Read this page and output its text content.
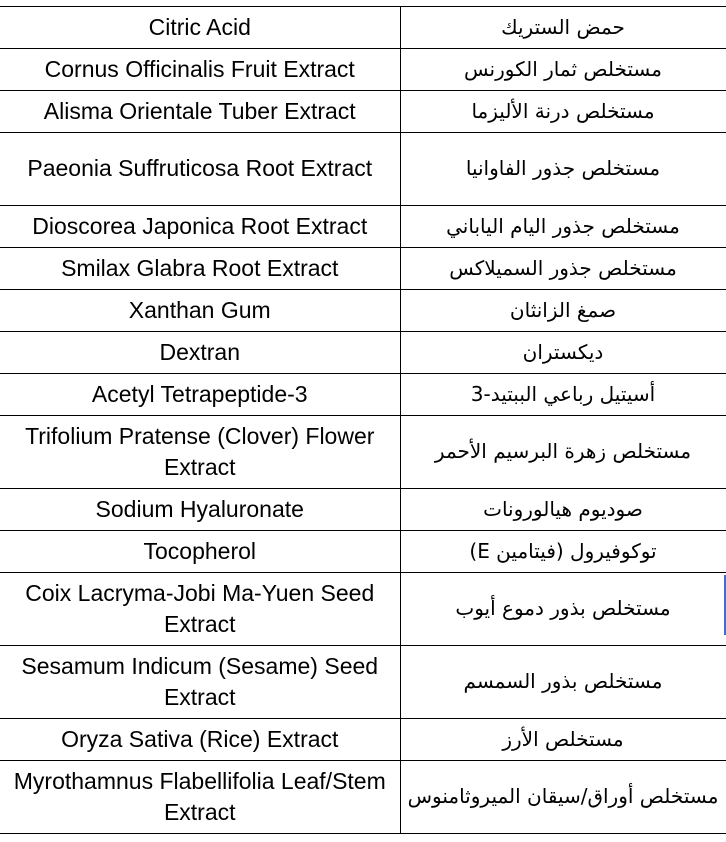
Citric Acid	حمض الستريك
Cornus Officinalis Fruit Extract	مستخلص ثمار الكورنس
Alisma Orientale Tuber Extract	مستخلص درنة الأليزما
Paeonia Suffruticosa Root Extract	مستخلص جذور الفاوانيا
Dioscorea Japonica Root Extract	مستخلص جذور اليام الياباني
Smilax Glabra Root Extract	مستخلص جذور السميلاكس
Xanthan Gum	صمغ الزانثان
Dextran	ديكستران
Acetyl Tetrapeptide-3	أسيتيل رباعي الببتيد-3
Trifolium Pratense (Clover) Flower Extract	مستخلص زهرة البرسيم الأحمر
Sodium Hyaluronate	صوديوم هيالورونات
Tocopherol	توكوفيرول (فيتامين E)
Coix Lacryma-Jobi Ma-Yuen Seed Extract	مستخلص بذور دموع أيوب
Sesamum Indicum (Sesame) Seed Extract	مستخلص بذور السمسم
Oryza Sativa (Rice) Extract	مستخلص الأرز
Myrothamnus Flabellifolia Leaf/Stem Extract	مستخلص أوراق/سيقان الميروثامنوس
